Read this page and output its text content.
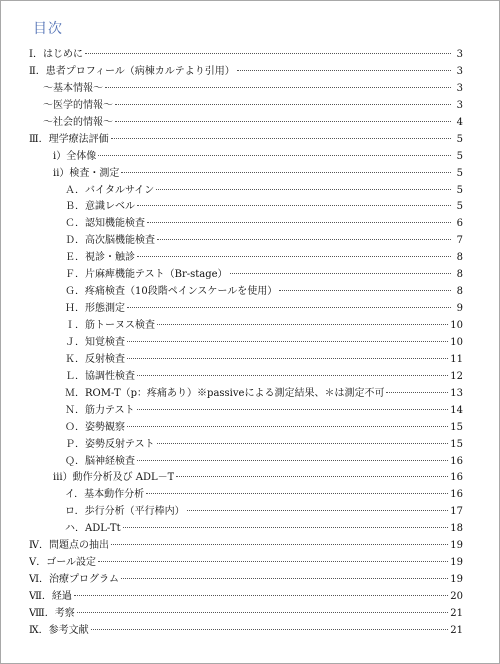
目次
Ⅰ．はじめに	3
Ⅱ．患者プロフィール（病棟カルテより引用）	3
～基本情報～	3
～医学的情報～	3
～社会的情報～	4
Ⅲ．理学療法評価	5
ⅰ）全体像	5
ⅱ）検査・測定	5
Ａ．バイタルサイン	5
Ｂ．意識レベル	5
Ｃ．認知機能検査	6
Ｄ．高次脳機能検査	7
Ｅ．視診・触診	8
Ｆ．片麻痺機能テスト（Br-stage）	8
Ｇ．疼痛検査（10段階ペインスケールを使用）	8
Ｈ．形態測定	9
Ｉ．筋トーヌス検査	10
Ｊ．知覚検査	10
Ｋ．反射検査	11
Ｌ．協調性検査	12
Ｍ．ROM-T（p：疼痛あり）※passiveによる測定結果、＊は測定不可	13
Ｎ．筋力テスト	14
Ｏ．姿勢観察	15
Ｐ．姿勢反射テスト	15
Ｑ．脳神経検査	16
ⅲ）動作分析及び ADL－T	16
イ．基本動作分析	16
ロ．歩行分析（平行棒内）	17
ハ．ADL-Tt	18
Ⅳ．問題点の抽出	19
Ⅴ．ゴール設定	19
Ⅵ．治療プログラム	19
Ⅶ．経過	20
Ⅷ．考察	21
Ⅸ．参考文献	21
